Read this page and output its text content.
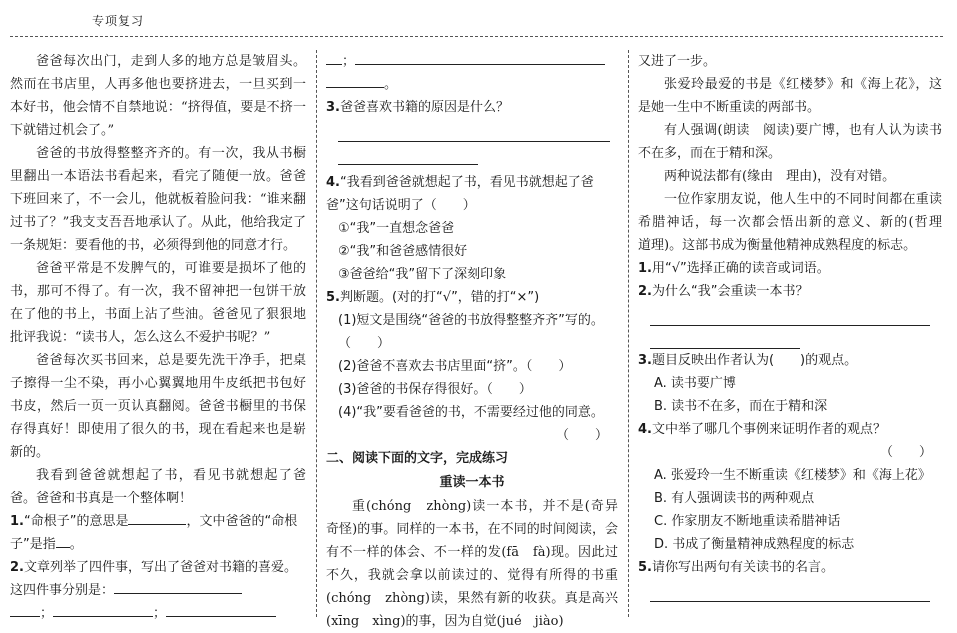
专项复习

爸爸每次出门，走到人多的地方总是皱眉头。然而在书店里，人再多他也要挤进去，一旦买到一本好书，他会情不自禁地说：“挤得值，要是不挤一下就错过机会了。”

爸爸的书放得整整齐齐的。有一次，我从书橱里翻出一本语法书看起来，看完了随便一放。爸爸下班回来了，不一会儿，他就板着脸问我：“谁来翻过书了？”我支支吾吾地承认了。从此，他给我定了一条规矩：要看他的书，必须得到他的同意才行。

爸爸平常是不发脾气的，可谁要是损坏了他的书，那可不得了。有一次，我不留神把一包饼干放在了他的书上，书面上沾了些油。爸爸见了狠狠地批评我说：“读书人，怎么这么不爱护书呢？”

爸爸每次买书回来，总是要先洗干净手，把桌子擦得一尘不染，再小心翼翼地用牛皮纸把书包好书皮，然后一页一页认真翻阅。爸爸书橱里的书保存得真好！即使用了很久的书，现在看起来也是崭新的。

我看到爸爸就想起了书，看见书就想起了爸爸。爸爸和书真是一个整体啊！

1.“命根子”的意思是	，文中爸爸的“命根子”是指 。
2.文章列举了四件事，写出了爸爸对书籍的喜爱。这四件事分别是：
；	；
；
。
3.爸爸喜欢书籍的原因是什么？
4.“我看到爸爸就想起了书，看见书就想起了爸爸”这句话说明了（　　）
①“我”一直想念爸爸
②“我”和爸爸感情很好
③爸爸给“我”留下了深刻印象
5.判断题。(对的打“√”，错的打“×”)
(1)短文是围绕“爸爸的书放得整整齐齐”写的。（　　）
(2)爸爸不喜欢去书店里面“挤”。（　　）
(3)爸爸的书保存得很好。（　　）
(4)“我”要看爸爸的书，不需要经过他的同意。
（　　）
二、阅读下面的文字，完成练习
重读一本书

重(chóng　zhòng)读一本书，并不是(奇异　奇怪)的事。同样的一本书，在不同的时间阅读，会有不一样的体会、不一样的发(fā　fà)现。因此过不久，我就会拿以前读过的、觉得有所得的书重(chóng　zhòng)读，果然有新的收获。真是高兴(xīng　xìng)的事，因为自觉(jué　jiào)

又进了一步。

张爱玲最爱的书是《红楼梦》和《海上花》，这是她一生中不断重读的两部书。

有人强调(朗读　阅读)要广博，也有人认为读书不在多，而在于精和深。

两种说法都有(缘由　理由)，没有对错。

一位作家朋友说，他人生中的不同时间都在重读希腊神话，每一次都会悟出新的意义、新的(哲理　道理)。这部书成为衡量他精神成熟程度的标志。

1.用“√”选择正确的读音或词语。
2.为什么“我”会重读一本书？
3.题目反映出作者认为(　　)的观点。
A. 读书要广博
B. 读书不在多，而在于精和深
4.文中举了哪几个事例来证明作者的观点？
（　　）
A. 张爱玲一生不断重读《红楼梦》和《海上花》
B. 有人强调读书的两种观点
C. 作家朋友不断地重读希腊神话
D. 书成了衡量精神成熟程度的标志
5.请你写出两句有关读书的名言。
